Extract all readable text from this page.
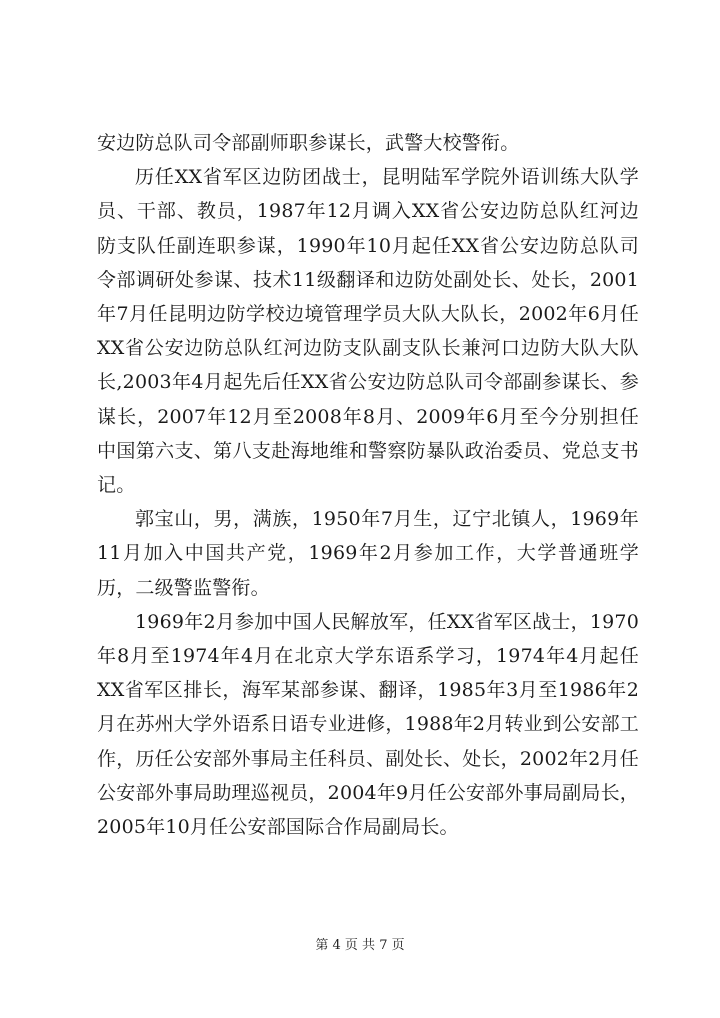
安边防总队司令部副师职参谋长，武警大校警衔。

历任XX省军区边防团战士，昆明陆军学院外语训练大队学员、干部、教员，1987年12月调入XX省公安边防总队红河边防支队任副连职参谋，1990年10月起任XX省公安边防总队司令部调研处参谋、技术11级翻译和边防处副处长、处长，2001年7月任昆明边防学校边境管理学员大队大队长，2002年6月任XX省公安边防总队红河边防支队副支队长兼河口边防大队大队长,2003年4月起先后任XX省公安边防总队司令部副参谋长、参谋长，2007年12月至2008年8月、2009年6月至今分别担任中国第六支、第八支赴海地维和警察防暴队政治委员、党总支书记。

郭宝山，男，满族，1950年7月生，辽宁北镇人，1969年11月加入中国共产党，1969年2月参加工作，大学普通班学历，二级警监警衔。

1969年2月参加中国人民解放军，任XX省军区战士，1970年8月至1974年4月在北京大学东语系学习，1974年4月起任XX省军区排长，海军某部参谋、翻译，1985年3月至1986年2月在苏州大学外语系日语专业进修，1988年2月转业到公安部工作，历任公安部外事局主任科员、副处长、处长，2002年2月任公安部外事局助理巡视员，2004年9月任公安部外事局副局长，2005年10月任公安部国际合作局副局长。

第 4 页 共 7 页
